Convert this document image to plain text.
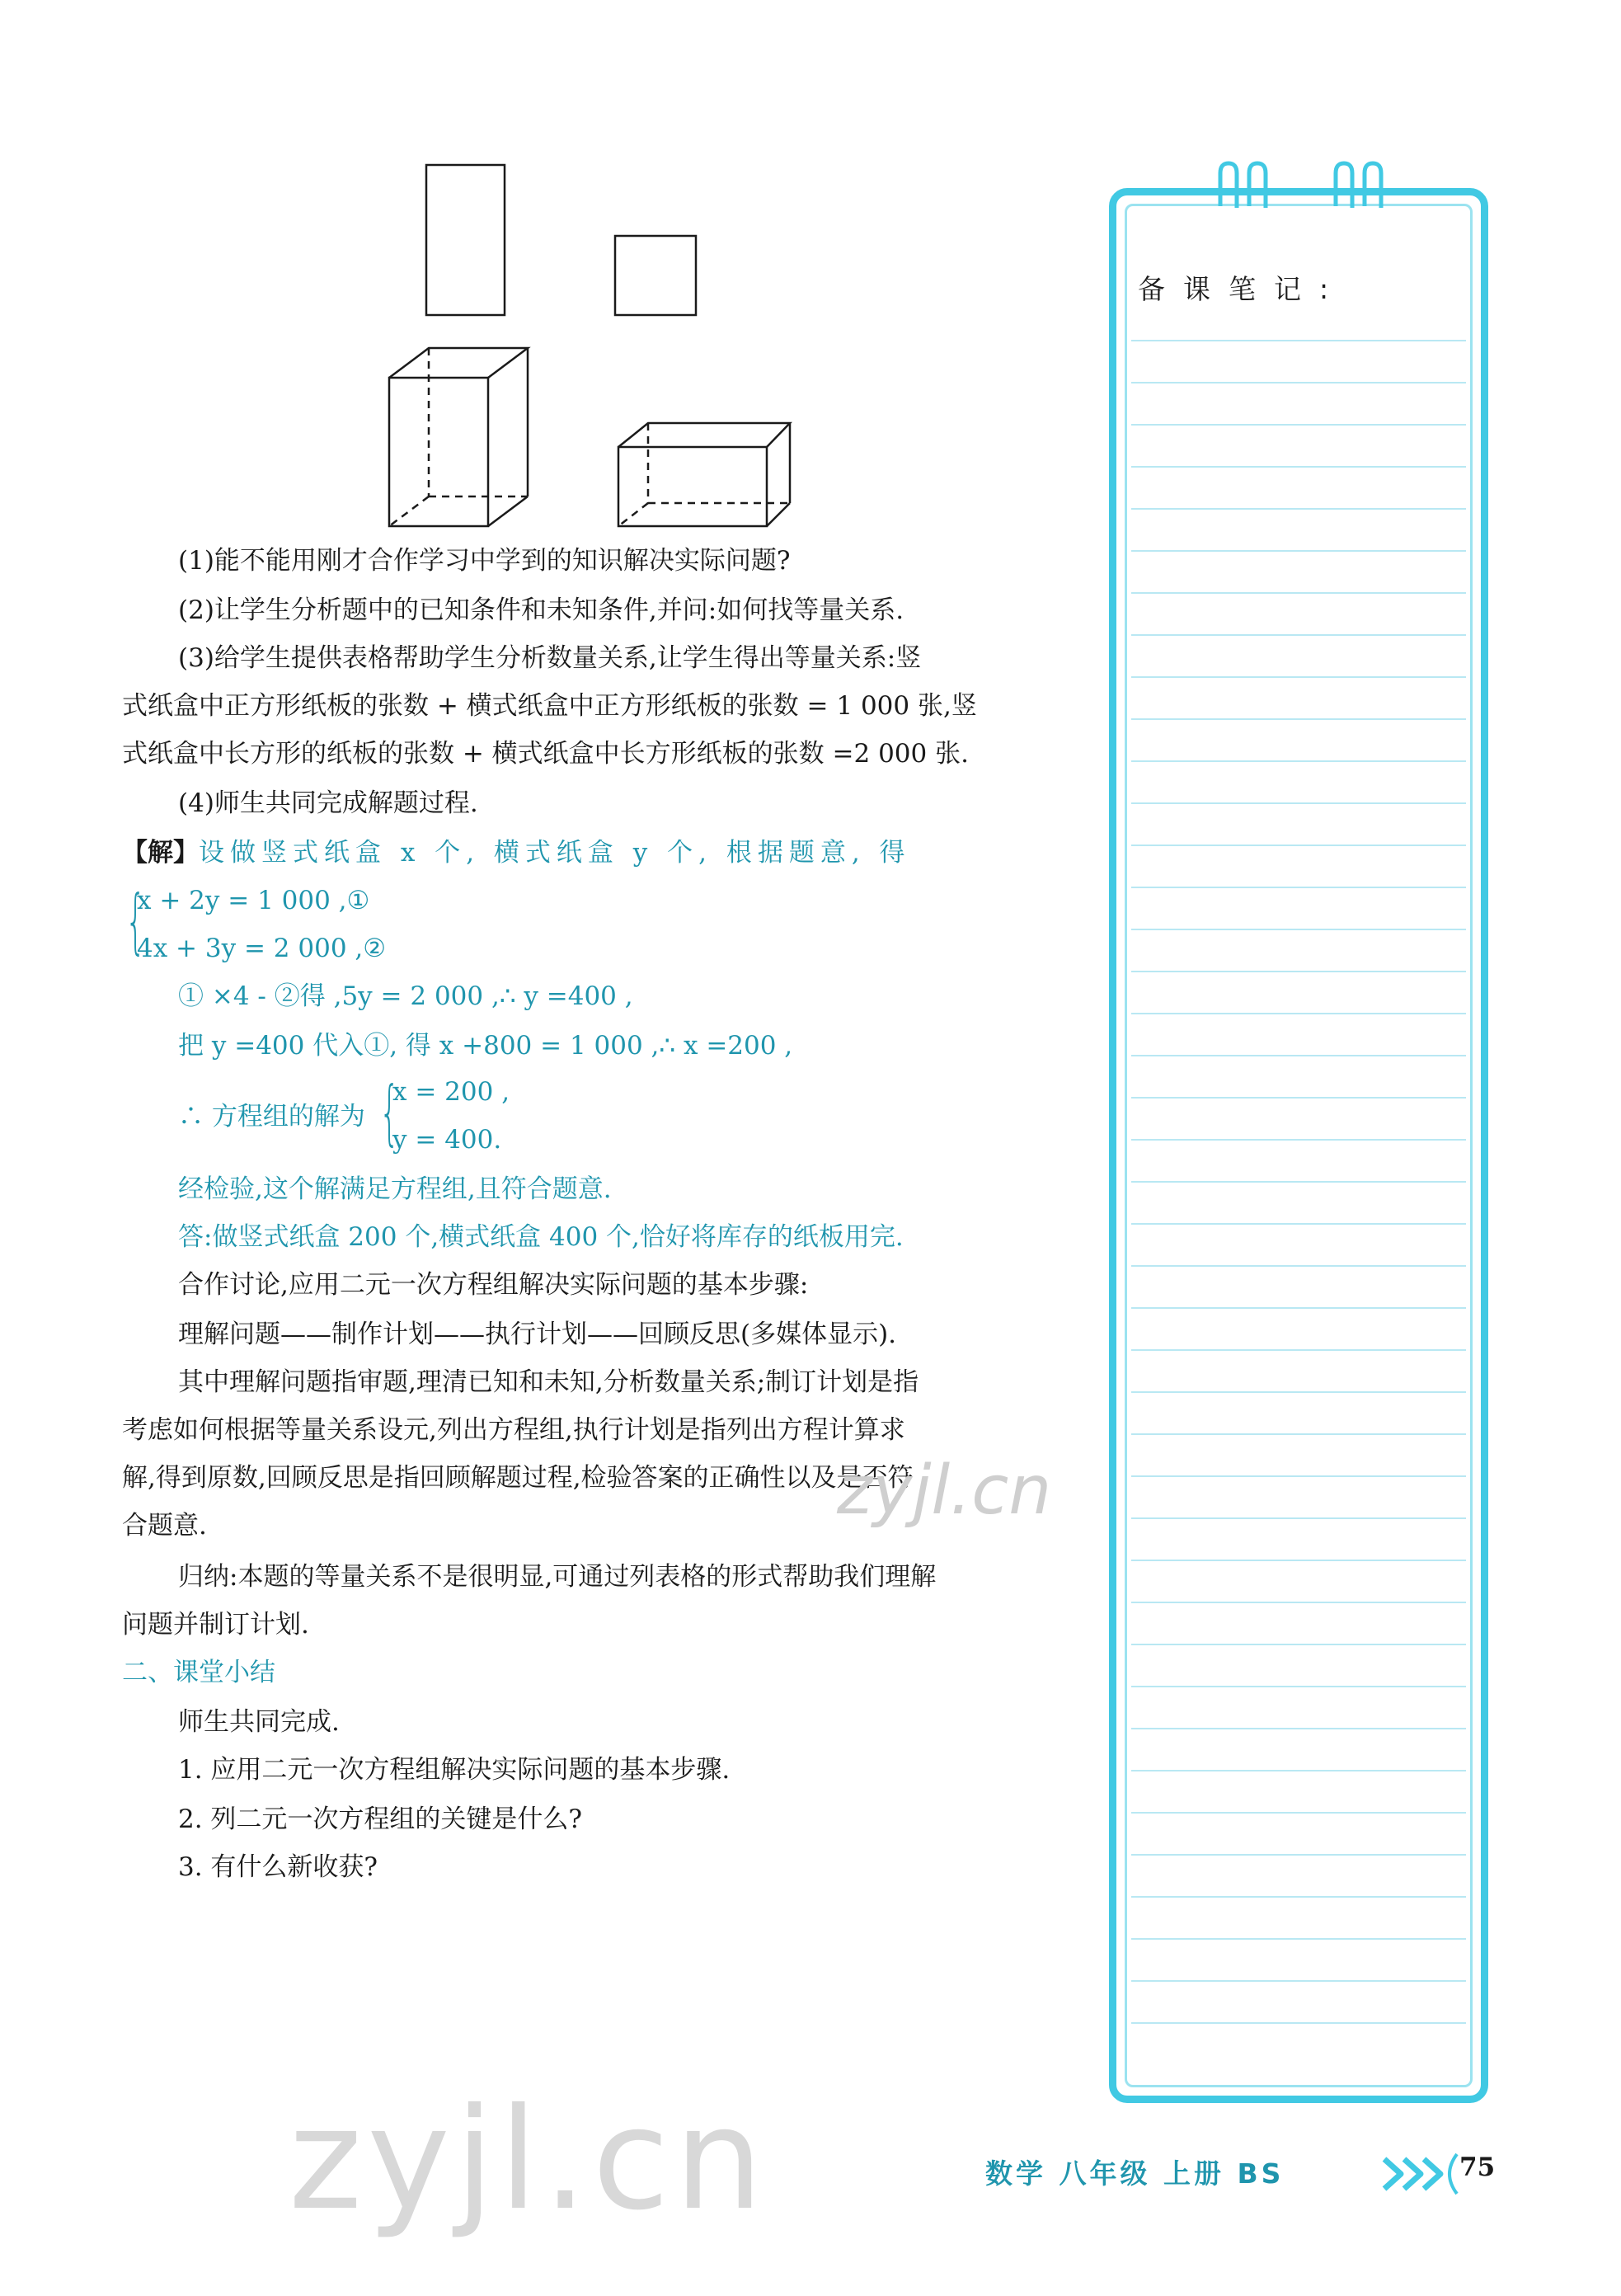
(1)能不能用刚才合作学习中学到的知识解决实际问题?
(2)让学生分析题中的已知条件和未知条件,并问:如何找等量关系.
(3)给学生提供表格帮助学生分析数量关系,让学生得出等量关系:竖
式纸盒中正方形纸板的张数 + 横式纸盒中正方形纸板的张数 = 1 000 张,竖
式纸盒中长方形的纸板的张数 + 横式纸盒中长方形纸板的张数 =2 000 张.
(4)师生共同完成解题过程.
【解】设做竖式纸盒 x 个, 横式纸盒 y 个, 根据题意, 得
{
x + 2y = 1 000 ,①
4x + 3y = 2 000 ,②
① ×4 - ②得 ,5y = 2 000 ,∴ y =400 ,
把 y =400 代入①, 得 x +800 = 1 000 ,∴ x =200 ,
∴ 方程组的解为 {
x = 200 ,
y = 400.
经检验,这个解满足方程组,且符合题意.
答:做竖式纸盒 200 个,横式纸盒 400 个,恰好将库存的纸板用完.
合作讨论,应用二元一次方程组解决实际问题的基本步骤:
理解问题——制作计划——执行计划——回顾反思(多媒体显示).
其中理解问题指审题,理清已知和未知,分析数量关系;制订计划是指
考虑如何根据等量关系设元,列出方程组,执行计划是指列出方程计算求
解,得到原数,回顾反思是指回顾解题过程,检验答案的正确性以及是否符
合题意.
归纳:本题的等量关系不是很明显,可通过列表格的形式帮助我们理解
问题并制订计划.
二、课堂小结
师生共同完成.
1. 应用二元一次方程组解决实际问题的基本步骤.
2. 列二元一次方程组的关键是什么?
3. 有什么新收获?
备课笔记:
zyjl.cn
zyjl.cn	数学 八年级 上册 BS	75
